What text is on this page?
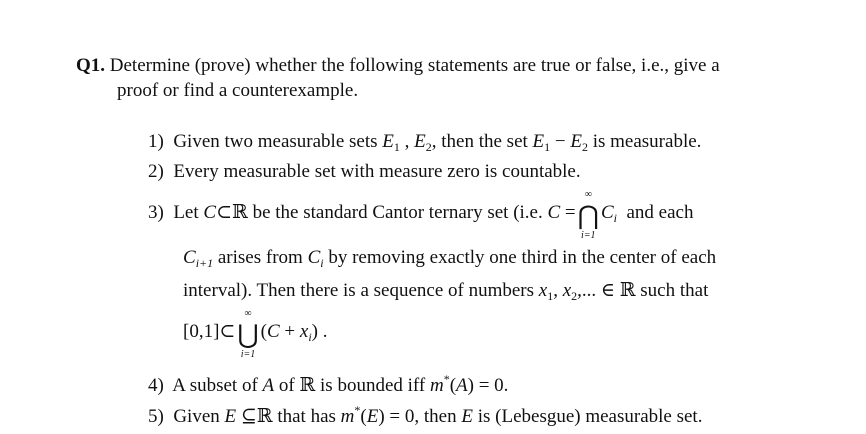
Q1. Determine (prove) whether the following statements are true or false, i.e., give a
proof or find a counterexample.
1) Given two measurable sets $E_1$ , $E_2$, then the set $E_1 - E_2$ is measurable.
2) Every measurable set with measure zero is countable.
3) Let C⊂ℝ be the standard Cantor ternary set (i.e. C =⋂
∞
i=1
$C_i$ and each
$C_{i+1}$ arises from $C_i$ by removing exactly one third in the center of each
interval). Then there is a sequence of numbers $x_1$, $x_2$,... ∈ ℝ such that
[0,1]⊂⋃
∞
i=1
$(C + x_i)$ .
4) A subset of A of ℝ is bounded iff m*(A) = 0.
5) Given E ⊆ℝ that has m*(E) = 0, then E is (Lebesgue) measurable set.
